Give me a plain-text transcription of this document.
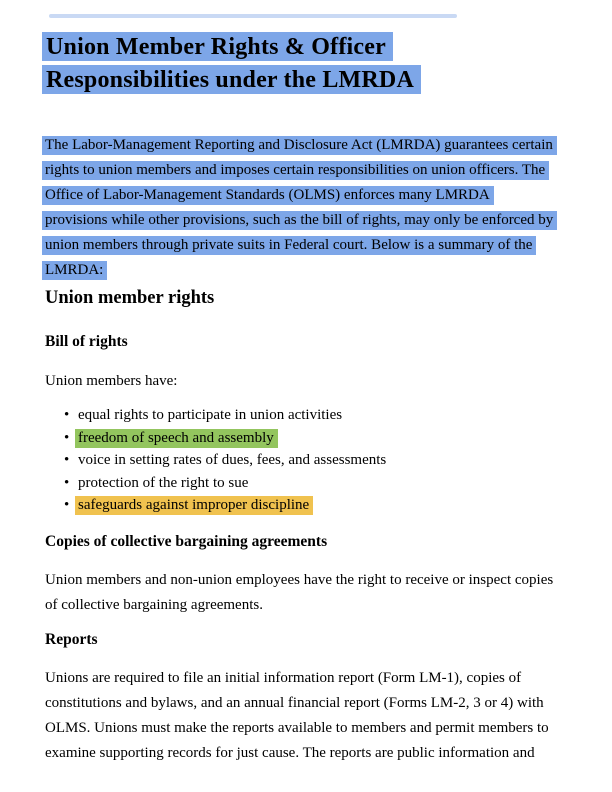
Union Member Rights & Officer
Responsibilities under the LMRDA
The Labor-Management Reporting and Disclosure Act (LMRDA) guarantees certain
rights to union members and imposes certain responsibilities on union officers. The
Office of Labor-Management Standards (OLMS) enforces many LMRDA
provisions while other provisions, such as the bill of rights, may only be enforced by
union members through private suits in Federal court. Below is a summary of the
LMRDA:
Union member rights
Bill of rights

Union members have:

• equal rights to participate in union activities
• freedom of speech and assembly
• voice in setting rates of dues, fees, and assessments
• protection of the right to sue
• safeguards against improper discipline
Copies of collective bargaining agreements
Union members and non-union employees have the right to receive or inspect copies
of collective bargaining agreements.
Reports
Unions are required to file an initial information report (Form LM-1), copies of
constitutions and bylaws, and an annual financial report (Forms LM-2, 3 or 4) with
OLMS. Unions must make the reports available to members and permit members to
examine supporting records for just cause. The reports are public information and
